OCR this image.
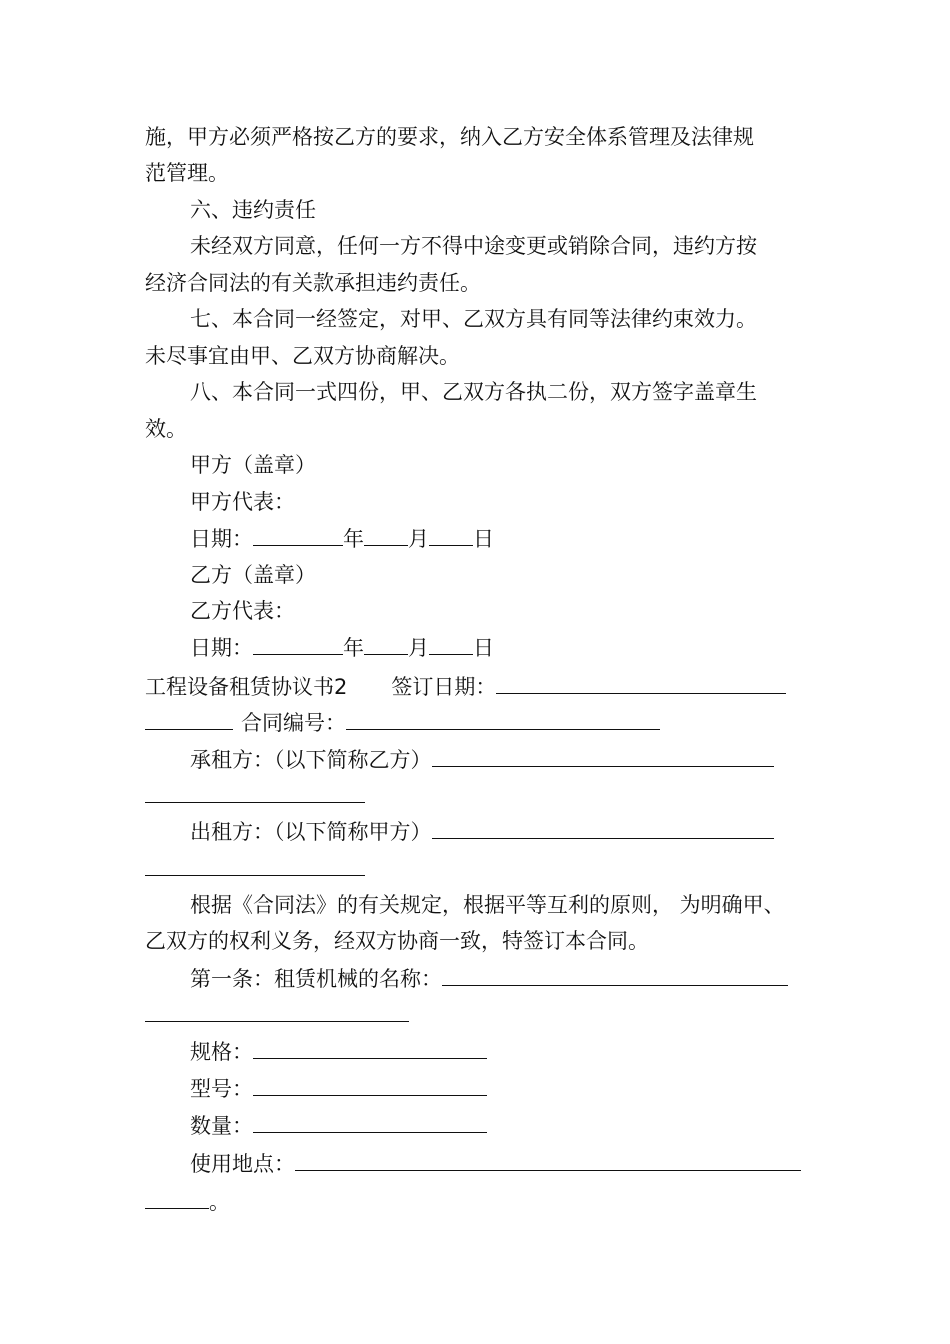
施，甲方必须严格按乙方的要求，纳入乙方安全体系管理及法律规
范管理。
六、违约责任
未经双方同意，任何一方不得中途变更或销除合同，违约方按
经济合同法的有关款承担违约责任。
七、本合同一经签定，对甲、乙双方具有同等法律约束效力。
未尽事宜由甲、乙双方协商解决。
八、本合同一式四份，甲、乙双方各执二份，双方签字盖章生
效。
甲方（盖章）
甲方代表：
日期：	年 月 日
乙方（盖章）
乙方代表：
日期：	年 月 日
工程设备租赁协议书2 签订日期：
合同编号：
承租方：（以下简称乙方）
出租方：（以下简称甲方）
根据《合同法》的有关规定，根据平等互利的原则， 为明确甲、
乙双方的权利义务，经双方协商一致，特签订本合同。
第一条：租赁机械的名称：
规格：
型号：
数量：
使用地点：
。
